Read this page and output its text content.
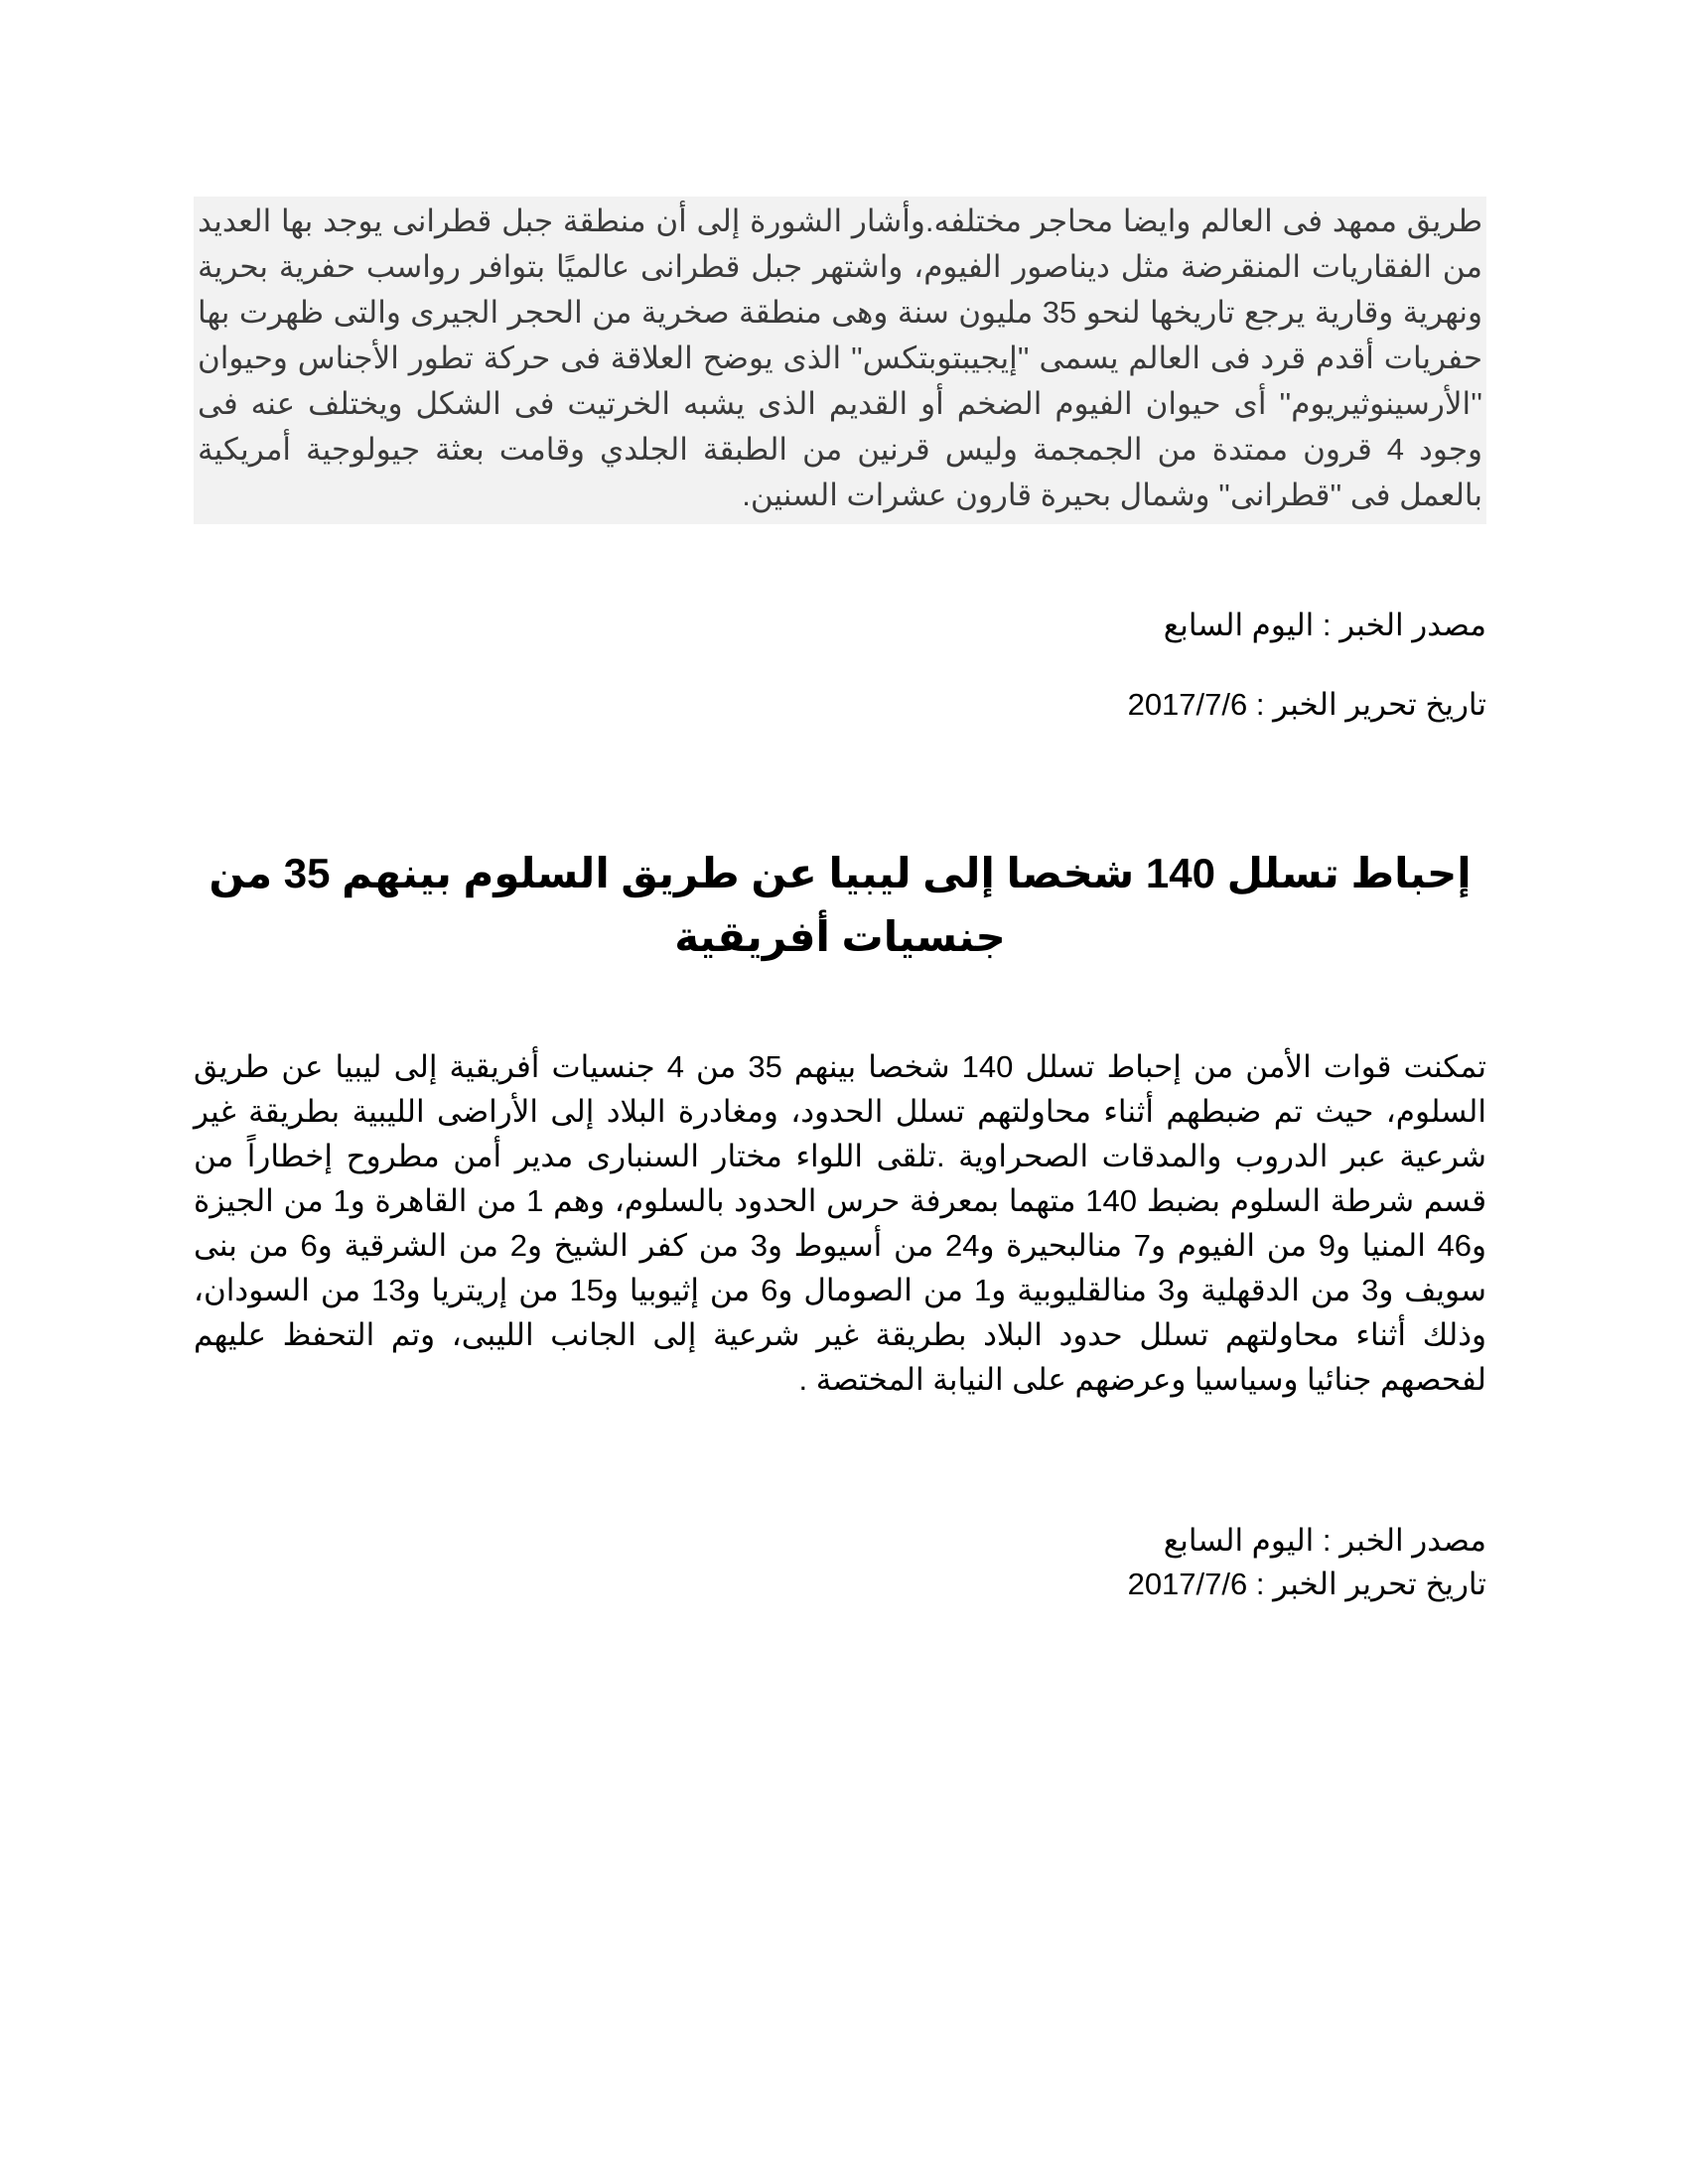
طريق ممهد فى العالم وايضا محاجر مختلفه.وأشار الشورة إلى أن منطقة جبل قطرانى يوجد بها العديد من الفقاريات المنقرضة مثل ديناصور الفيوم، واشتهر جبل قطرانى عالميًا بتوافر رواسب حفرية بحرية ونهرية وقارية يرجع تاريخها لنحو 35 مليون سنة وهى منطقة صخرية من الحجر الجيرى والتى ظهرت بها حفريات أقدم قرد فى العالم يسمى ''إيجيبتوبتكس'' الذى يوضح العلاقة فى حركة تطور الأجناس وحيوان ''الأرسينوثيريوم'' أى حيوان الفيوم الضخم أو القديم الذى يشبه الخرتيت فى الشكل ويختلف عنه فى وجود 4 قرون ممتدة من الجمجمة وليس قرنين من الطبقة الجلدي وقامت بعثة جيولوجية أمريكية بالعمل فى ''قطرانى'' وشمال بحيرة قارون عشرات السنين.

مصدر الخبر : اليوم السابع
تاريخ تحرير الخبر : 2017/7/6
إحباط تسلل 140 شخصا إلى ليبيا عن طريق السلوم بينهم 35 من جنسيات أفريقية

تمكنت قوات الأمن من إحباط تسلل 140 شخصا بينهم 35 من 4 جنسيات أفريقية إلى ليبيا عن طريق السلوم، حيث تم ضبطهم أثناء محاولتهم تسلل الحدود، ومغادرة البلاد إلى الأراضى الليبية بطريقة غير شرعية عبر الدروب والمدقات الصحراوية .تلقى اللواء مختار السنبارى مدير أمن مطروح إخطاراً من قسم شرطة السلوم بضبط 140 متهما بمعرفة حرس الحدود بالسلوم، وهم 1 من القاهرة و1 من الجيزة و46 المنيا و9 من الفيوم و7 منالبحيرة و24 من أسيوط و3 من كفر الشيخ و2 من الشرقية و6 من بنى سويف و3 من الدقهلية و3 منالقليوبية و1 من الصومال و6 من إثيوبيا و15 من إريتريا و13 من السودان، وذلك أثناء محاولتهم تسلل حدود البلاد بطريقة غير شرعية إلى الجانب الليبى، وتم التحفظ عليهم لفحصهم جنائيا وسياسيا وعرضهم على النيابة المختصة .

مصدر الخبر : اليوم السابع
تاريخ تحرير الخبر : 2017/7/6
